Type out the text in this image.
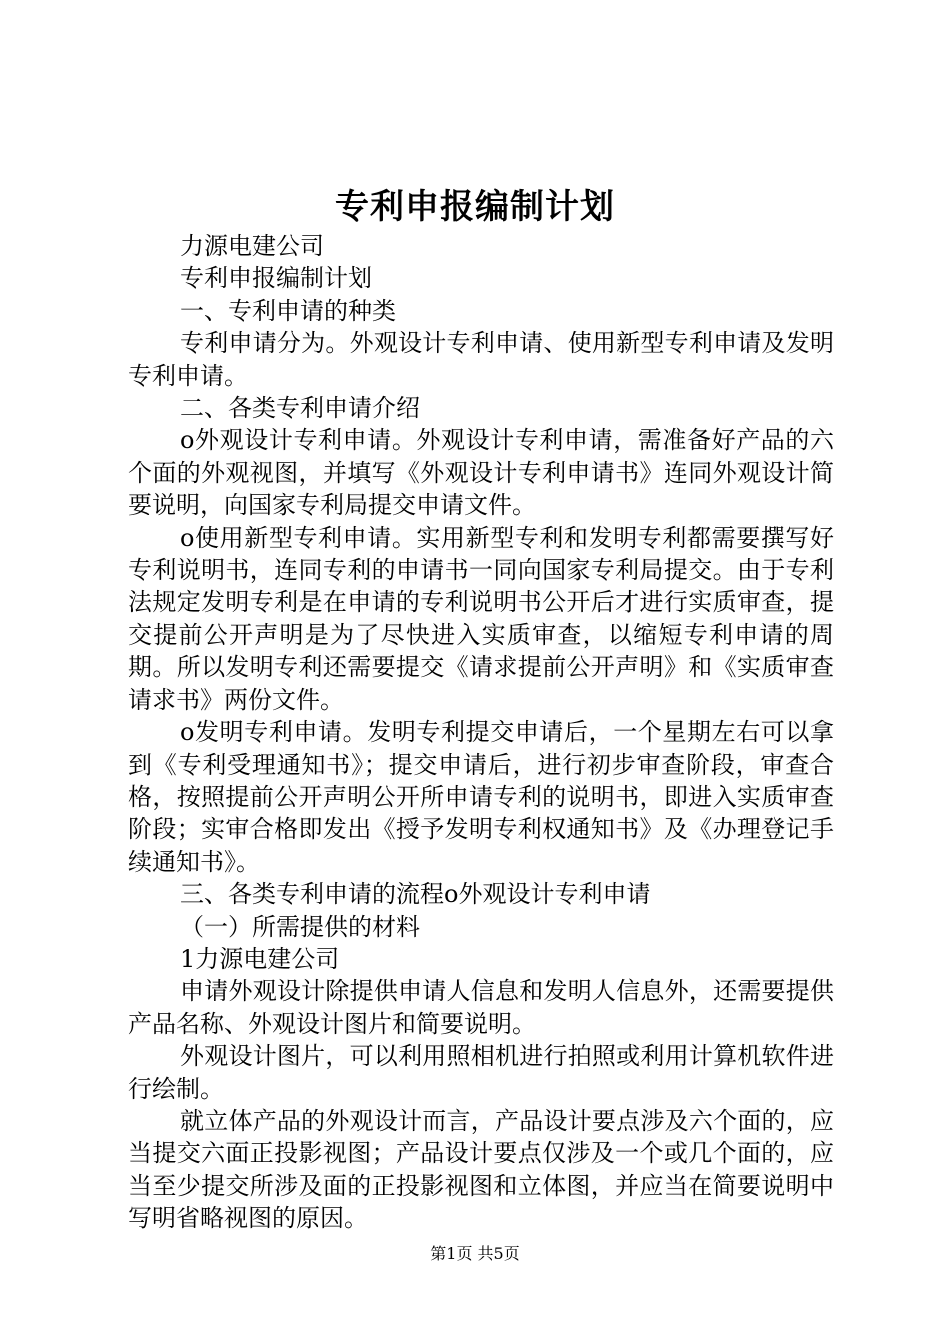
专利申报编制计划

力源电建公司

专利申报编制计划

一、专利申请的种类

专利申请分为。外观设计专利申请、使用新型专利申请及发明专利申请。

二、各类专利申请介绍

o外观设计专利申请。外观设计专利申请，需准备好产品的六个面的外观视图，并填写《外观设计专利申请书》连同外观设计简要说明，向国家专利局提交申请文件。

o使用新型专利申请。实用新型专利和发明专利都需要撰写好专利说明书，连同专利的申请书一同向国家专利局提交。由于专利法规定发明专利是在申请的专利说明书公开后才进行实质审查，提交提前公开声明是为了尽快进入实质审查，以缩短专利申请的周期。所以发明专利还需要提交《请求提前公开声明》和《实质审查请求书》两份文件。

o发明专利申请。发明专利提交申请后，一个星期左右可以拿到《专利受理通知书》；提交申请后，进行初步审查阶段，审查合格，按照提前公开声明公开所申请专利的说明书，即进入实质审查阶段；实审合格即发出《授予发明专利权通知书》及《办理登记手续通知书》。

三、各类专利申请的流程o外观设计专利申请

（一）所需提供的材料

1力源电建公司

申请外观设计除提供申请人信息和发明人信息外，还需要提供产品名称、外观设计图片和简要说明。

外观设计图片，可以利用照相机进行拍照或利用计算机软件进行绘制。

就立体产品的外观设计而言，产品设计要点涉及六个面的，应当提交六面正投影视图；产品设计要点仅涉及一个或几个面的，应当至少提交所涉及面的正投影视图和立体图，并应当在简要说明中写明省略视图的原因。

第1页 共5页
